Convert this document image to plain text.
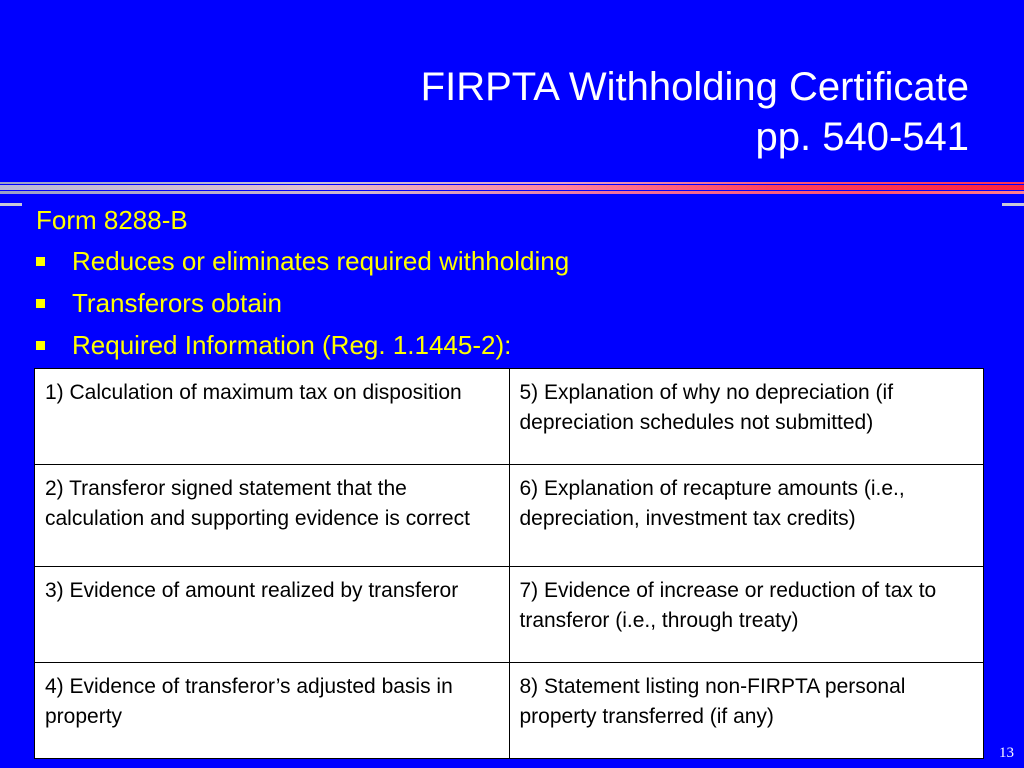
FIRPTA Withholding Certificate
pp. 540-541
Form 8288-B
Reduces or eliminates required withholding
Transferors obtain
Required Information (Reg. 1.1445-2):
1) Calculation of maximum tax on disposition	5) Explanation of why no depreciation (if depreciation schedules not submitted)
2) Transferor signed statement that the calculation and supporting evidence is correct	6) Explanation of recapture amounts (i.e., depreciation, investment tax credits)
3) Evidence of amount realized by transferor	7) Evidence of increase or reduction of tax to transferor (i.e., through treaty)
4) Evidence of transferor’s adjusted basis in property	8) Statement listing non-FIRPTA personal property transferred (if any)
13
